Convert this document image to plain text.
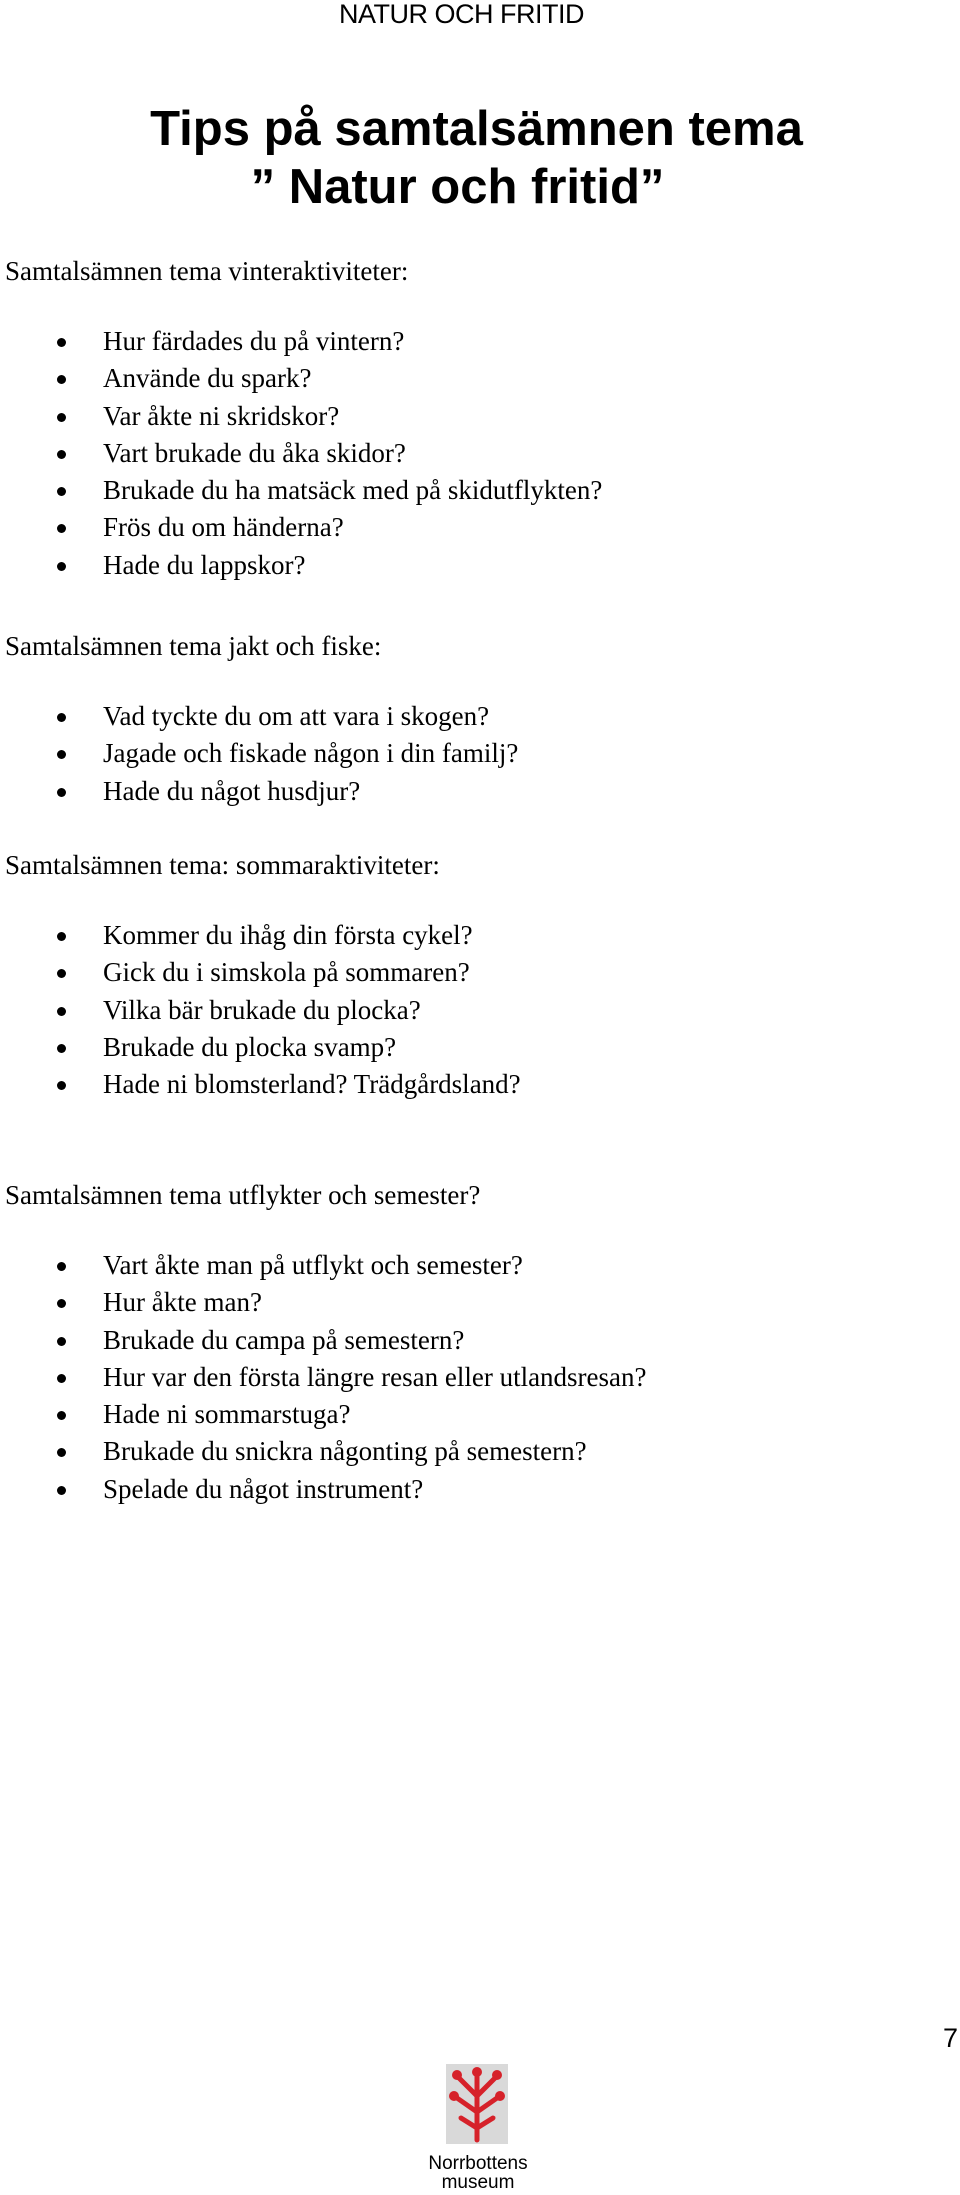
NATUR OCH FRITID
Tips på samtalsämnen tema
” Natur och fritid”

Samtalsämnen tema vinteraktiviteter:

Hur färdades du på vintern?
Använde du spark?
Var åkte ni skridskor?
Vart brukade du åka skidor?
Brukade du ha matsäck med på skidutflykten?
Frös du om händerna?
Hade du lappskor?

Samtalsämnen tema jakt och fiske:

Vad tyckte du om att vara i skogen?
Jagade och fiskade någon i din familj?
Hade du något husdjur?

Samtalsämnen tema: sommaraktiviteter:

Kommer du ihåg din första cykel?
Gick du i simskola på sommaren?
Vilka bär brukade du plocka?
Brukade du plocka svamp?
Hade ni blomsterland? Trädgårdsland?

Samtalsämnen tema utflykter och semester?

Vart åkte man på utflykt och semester?
Hur åkte man?
Brukade du campa på semestern?
Hur var den första längre resan eller utlandsresan?
Hade ni sommarstuga?
Brukade du snickra någonting på semestern?
Spelade du något instrument?
7
Norrbottens
museum
